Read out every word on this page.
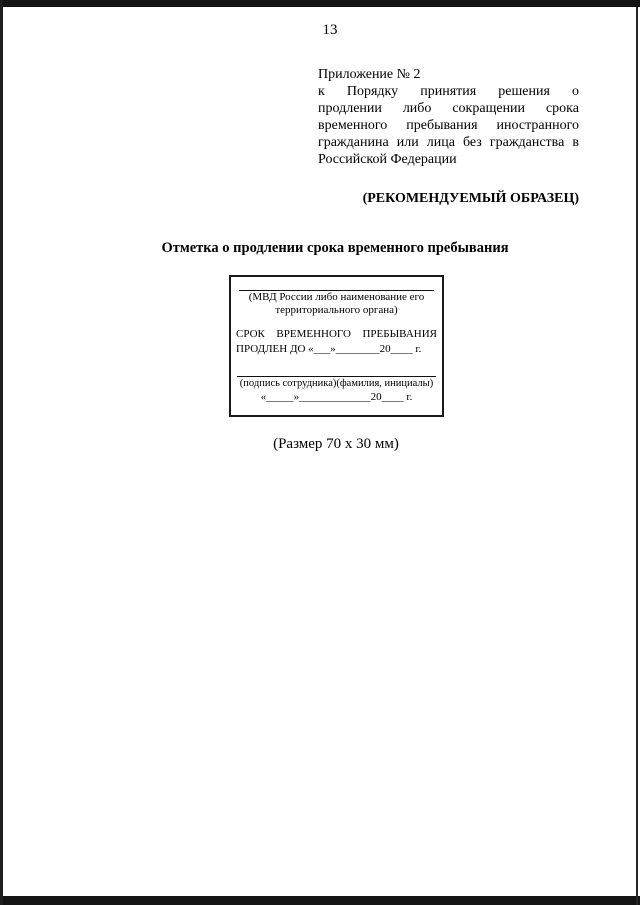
13
Приложение № 2
к Порядку принятия решения о
продлении либо сокращении срока
временного пребывания иностранного
гражданина или лица без гражданства в
Российской Федерации
(РЕКОМЕНДУЕМЫЙ ОБРАЗЕЦ)
Отметка о продлении срока временного пребывания
(МВД России либо наименование его
территориального органа)
СРОК ВРЕМЕННОГО ПРЕБЫВАНИЯ
ПРОДЛЕН ДО «___»________20____ г.
(подпись сотрудника)(фамилия, инициалы)
«_____»_____________20____ г.
(Размер 70 x 30 мм)
